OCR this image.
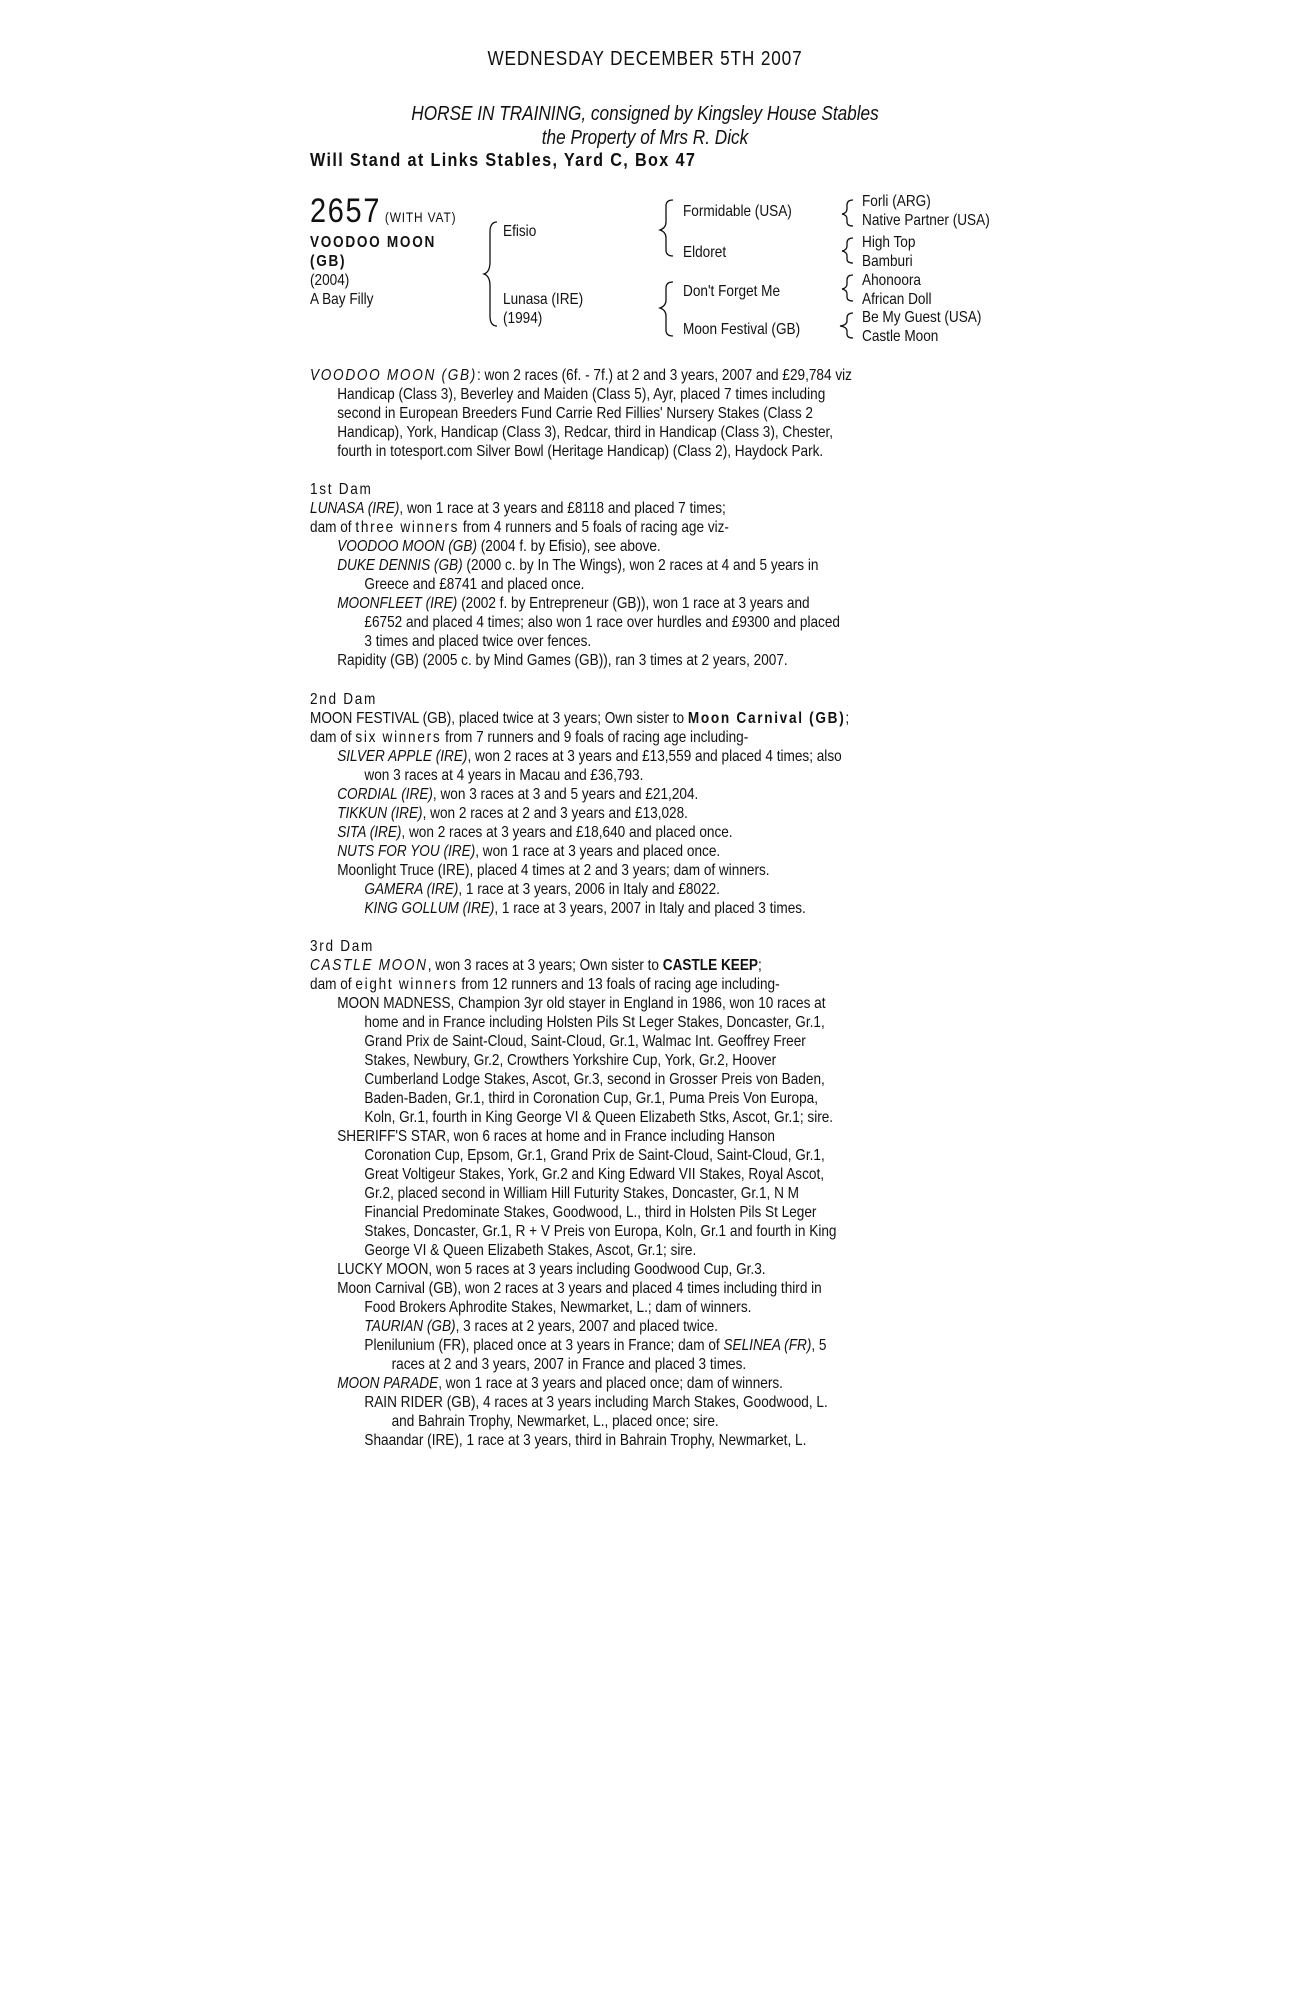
WEDNESDAY DECEMBER 5TH 2007
HORSE IN TRAINING, consigned by Kingsley House Stables
the Property of Mrs R. Dick
Will Stand at Links Stables, Yard C, Box 47
2657 (WITH VAT)
VOODOO MOON
(GB)
(2004)
A Bay Filly
Efisio
Lunasa (IRE)
(1994)
Formidable (USA)
Eldoret
Don't Forget Me
Moon Festival (GB)
Forli (ARG)
Native Partner (USA)
High Top
Bamburi
Ahonoora
African Doll
Be My Guest (USA)
Castle Moon
VOODOO MOON (GB): won 2 races (6f. - 7f.) at 2 and 3 years, 2007 and £29,784 viz
Handicap (Class 3), Beverley and Maiden (Class 5), Ayr, placed 7 times including
second in European Breeders Fund Carrie Red Fillies' Nursery Stakes (Class 2
Handicap), York, Handicap (Class 3), Redcar, third in Handicap (Class 3), Chester,
fourth in totesport.com Silver Bowl (Heritage Handicap) (Class 2), Haydock Park.
1st Dam
LUNASA (IRE), won 1 race at 3 years and £8118 and placed 7 times;
dam of three winners from 4 runners and 5 foals of racing age viz-
VOODOO MOON (GB) (2004 f. by Efisio), see above.
DUKE DENNIS (GB) (2000 c. by In The Wings), won 2 races at 4 and 5 years in
Greece and £8741 and placed once.
MOONFLEET (IRE) (2002 f. by Entrepreneur (GB)), won 1 race at 3 years and
£6752 and placed 4 times; also won 1 race over hurdles and £9300 and placed
3 times and placed twice over fences.
Rapidity (GB) (2005 c. by Mind Games (GB)), ran 3 times at 2 years, 2007.
2nd Dam
MOON FESTIVAL (GB), placed twice at 3 years; Own sister to Moon Carnival (GB);
dam of six winners from 7 runners and 9 foals of racing age including-
SILVER APPLE (IRE), won 2 races at 3 years and £13,559 and placed 4 times; also
won 3 races at 4 years in Macau and £36,793.
CORDIAL (IRE), won 3 races at 3 and 5 years and £21,204.
TIKKUN (IRE), won 2 races at 2 and 3 years and £13,028.
SITA (IRE), won 2 races at 3 years and £18,640 and placed once.
NUTS FOR YOU (IRE), won 1 race at 3 years and placed once.
Moonlight Truce (IRE), placed 4 times at 2 and 3 years; dam of winners.
GAMERA (IRE), 1 race at 3 years, 2006 in Italy and £8022.
KING GOLLUM (IRE), 1 race at 3 years, 2007 in Italy and placed 3 times.
3rd Dam
CASTLE MOON, won 3 races at 3 years; Own sister to CASTLE KEEP;
dam of eight winners from 12 runners and 13 foals of racing age including-
MOON MADNESS, Champion 3yr old stayer in England in 1986, won 10 races at
home and in France including Holsten Pils St Leger Stakes, Doncaster, Gr.1,
Grand Prix de Saint-Cloud, Saint-Cloud, Gr.1, Walmac Int. Geoffrey Freer
Stakes, Newbury, Gr.2, Crowthers Yorkshire Cup, York, Gr.2, Hoover
Cumberland Lodge Stakes, Ascot, Gr.3, second in Grosser Preis von Baden,
Baden-Baden, Gr.1, third in Coronation Cup, Gr.1, Puma Preis Von Europa,
Koln, Gr.1, fourth in King George VI & Queen Elizabeth Stks, Ascot, Gr.1; sire.
SHERIFF'S STAR, won 6 races at home and in France including Hanson
Coronation Cup, Epsom, Gr.1, Grand Prix de Saint-Cloud, Saint-Cloud, Gr.1,
Great Voltigeur Stakes, York, Gr.2 and King Edward VII Stakes, Royal Ascot,
Gr.2, placed second in William Hill Futurity Stakes, Doncaster, Gr.1, N M
Financial Predominate Stakes, Goodwood, L., third in Holsten Pils St Leger
Stakes, Doncaster, Gr.1, R + V Preis von Europa, Koln, Gr.1 and fourth in King
George VI & Queen Elizabeth Stakes, Ascot, Gr.1; sire.
LUCKY MOON, won 5 races at 3 years including Goodwood Cup, Gr.3.
Moon Carnival (GB), won 2 races at 3 years and placed 4 times including third in
Food Brokers Aphrodite Stakes, Newmarket, L.; dam of winners.
TAURIAN (GB), 3 races at 2 years, 2007 and placed twice.
Plenilunium (FR), placed once at 3 years in France; dam of SELINEA (FR), 5
races at 2 and 3 years, 2007 in France and placed 3 times.
MOON PARADE, won 1 race at 3 years and placed once; dam of winners.
RAIN RIDER (GB), 4 races at 3 years including March Stakes, Goodwood, L.
and Bahrain Trophy, Newmarket, L., placed once; sire.
Shaandar (IRE), 1 race at 3 years, third in Bahrain Trophy, Newmarket, L.
